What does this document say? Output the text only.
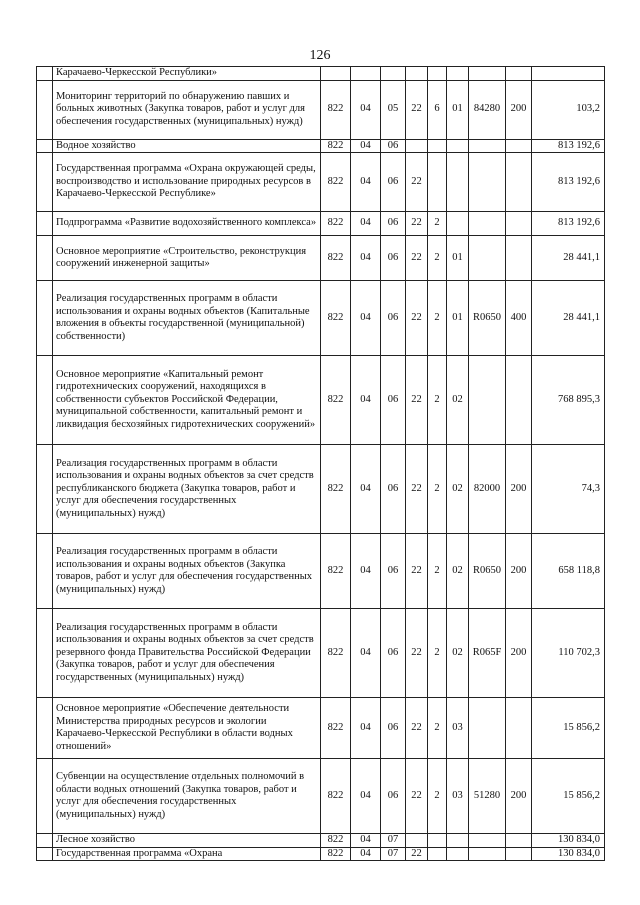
126
	Карачаево-Черкесской Республики»									
	Мониторинг территорий по обнаружению павших и больных животных (Закупка товаров, работ и услуг для обеспечения государственных (муниципальных) нужд)	822	04	05	22	6	01	84280	200	103,2
	Водное хозяйство	822	04	06						813 192,6
	Государственная программа «Охрана окружающей среды, воспроизводство и использование природных ресурсов в Карачаево-Черкесской Республике»	822	04	06	22					813 192,6
	Подпрограмма «Развитие водохозяйственного комплекса»	822	04	06	22	2				813 192,6
	Основное мероприятие «Строительство, реконструкция сооружений инженерной защиты»	822	04	06	22	2	01			28 441,1
	Реализация государственных программ в области использования и охраны водных объектов (Капитальные вложения в объекты государственной (муниципальной) собственности)	822	04	06	22	2	01	R0650	400	28 441,1
	Основное мероприятие «Капитальный ремонт гидротехнических сооружений, находящихся в собственности субъектов Российской Федерации, муниципальной собственности, капитальный ремонт и ликвидация бесхозяйных гидротехнических сооружений»	822	04	06	22	2	02			768 895,3
	Реализация государственных программ в области использования и охраны водных объектов за счет средств республиканского бюджета (Закупка товаров, работ и услуг для обеспечения государственных (муниципальных) нужд)	822	04	06	22	2	02	82000	200	74,3
	Реализация государственных программ в области использования и охраны водных объектов (Закупка товаров, работ и услуг для обеспечения государственных (муниципальных) нужд)	822	04	06	22	2	02	R0650	200	658 118,8
	Реализация государственных программ в области использования и охраны водных объектов за счет средств резервного фонда Правительства Российской Федерации (Закупка товаров, работ и услуг для обеспечения государственных (муниципальных) нужд)	822	04	06	22	2	02	R065F	200	110 702,3
	Основное мероприятие «Обеспечение деятельности Министерства природных ресурсов и экологии Карачаево-Черкесской Республики в области водных отношений»	822	04	06	22	2	03			15 856,2
	Субвенции на осуществление отдельных полномочий в области водных отношений (Закупка товаров, работ и услуг для обеспечения государственных (муниципальных) нужд)	822	04	06	22	2	03	51280	200	15 856,2
	Лесное хозяйство	822	04	07						130 834,0
	Государственная программа «Охрана	822	04	07	22					130 834,0
